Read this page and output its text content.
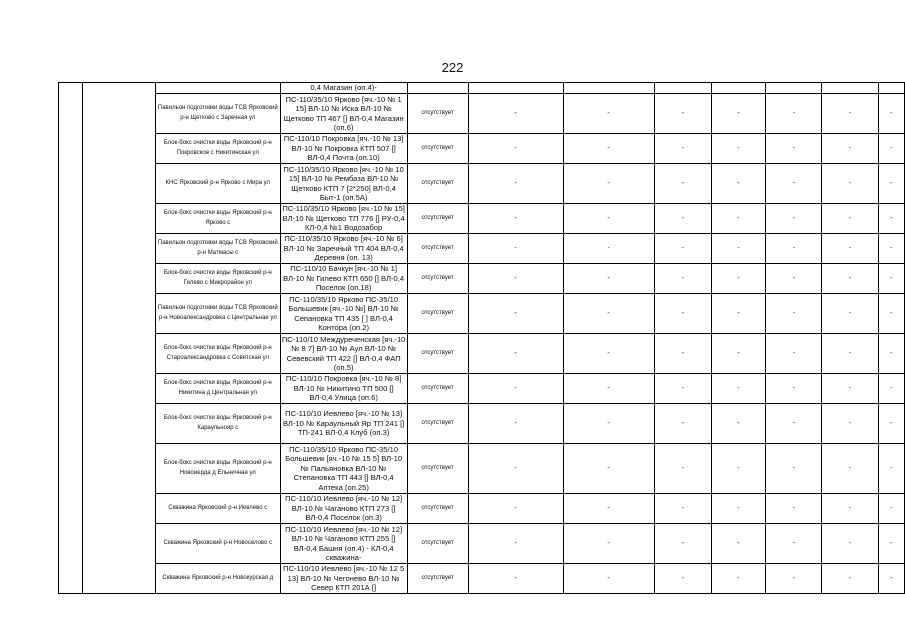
222
			0,4 Магазин (оп.4)-								
		Павильон подготовки воды ТСВ Ярковский р-н Щетково с Заречная ул	ПС-110/35/10 Ярково [яч.-10 № 1 15] ВЛ-10 № Иска ВЛ-10 № Щетково ТП 467 [] ВЛ-0,4 Магазин (оп.6)	отсутствует	-	-	-	-	-	-	-
		Блок-бокс очистки воды Ярковский р-н Покровское с Никитинская ул	ПС-110/10 Покровка [яч.-10 № 13] ВЛ-10 № Покровка КТП 507 [] ВЛ-0,4 Почта (оп.10)	отсутствует	-	-	-	-	-	-	-
		КНС Ярковский р-н Ярково с Мира ул	ПС-110/35/10 Ярково [яч.-10 № 10 15] ВЛ-10 № Рембаза ВЛ-10 № Щетково КТП 7 [2*250] ВЛ-0,4 Быт-1 (оп.5А)	отсутствует	-	-	-	-	-	-	-
		Блок-бокс очистки воды Ярковский р-н Ярково с	ПС-110/35/10 Ярково [яч.-10 № 15] ВЛ-10 № Щетково ТП 776 [] РУ-0,4 КЛ-0,4 №1 Водозабор	отсутствует	-	-	-	-	-	-	-
		Павильон подготовки воды ТСВ Ярковский р-н Матмасы с	ПС-110/35/10 Ярково [яч.-10 № 6] ВЛ-10 № Заречный ТП 404 ВЛ-0,4 Деревня (оп. 13)	отсутствует	-	-	-	-	-	-	-
		Блок-бокс очистки воды Ярковский р-н Гилево с Микрорайон ул	ПС-110/10 Бачкун [яч.-10 № 1] ВЛ-10 № Гилево КТП 650 [] ВЛ-0,4 Поселок (оп.18)	отсутствует	-	-	-	-	-	-	-
		Павильон подготовки воды ТСВ Ярковский р-н Новоалександровка с Центральная ул	ПС-110/35/10 Ярково ПС-35/10 Большевик [яч.-10 №] ВЛ-10 № Сепановка ТП 435 [ ] ВЛ-0,4 Контора (оп.2)	отсутствует	-	-	-	-	-	-	-
		Блок-бокс очистки воды Ярковский р-н Староалександровка с Советская ул	ПС-110/10 Междуреченская [яч.-10 № 8 7] ВЛ-10 № Аул ВЛ-10 № Севевский ТП 422 [] ВЛ-0,4 ФАП (оп.5)	отсутствует	-	-	-	-	-	-	-
		Блок-бокс очистки воды Ярковский р-н Никитина д Центральная ул	ПС-110/10 Покровка [яч.-10 № 8] ВЛ-10 № Никитино ТП 500 [] ВЛ-0,4 Улица (оп.6)	отсутствует	-	-	-	-	-	-	-
		Блок-бокс очистки воды Ярковский р-н Караульнояр с	ПС-110/10 Иевлево [яч.-10 № 13] ВЛ-10 № Караульный Яр ТП 241 [] ТП-241 ВЛ-0,4 Клуб (оп.3)	отсутствует	-	-	-	-	-	-	-
		Блок-бокс очистки воды Ярковский р-н Новоиерда д Ельничная ул	ПС-110/35/10 Ярково ПС-35/10 Большевик [яч.-10 № 15 5] ВЛ-10 № Пальяновка ВЛ-10 № Степановка ТП 443 [] ВЛ-0,4 Аптека (оп.25)	отсутствует	-	-	-	-	-	-	-
		Скважина Ярковский р-н Иевлево с	ПС-110/10 Иевлево [яч.-10 № 12] ВЛ-10 № Чаганово КТП 273 [] ВЛ-0,4 Поселок (оп.3)	отсутствует	-	-	-	-	-	-	-
		Скважина Ярковский р-н Новоселово с	ПС-110/10 Иевлево [яч.-10 № 12] ВЛ-10 № Чаганово КТП 255 [] ВЛ-0,4 Башня (оп.4) - КЛ-0,4 скважина-	отсутствует	-	-	-	-	-	-	-
		Скважина Ярковский р-н Новокурская д	ПС-110/10 Иевлево [яч.-10 № 12 5 13] ВЛ-10 № Чегонево ВЛ-10 № Север КТП 201А []	отсутствует	-	-	-	-	-	-	-
